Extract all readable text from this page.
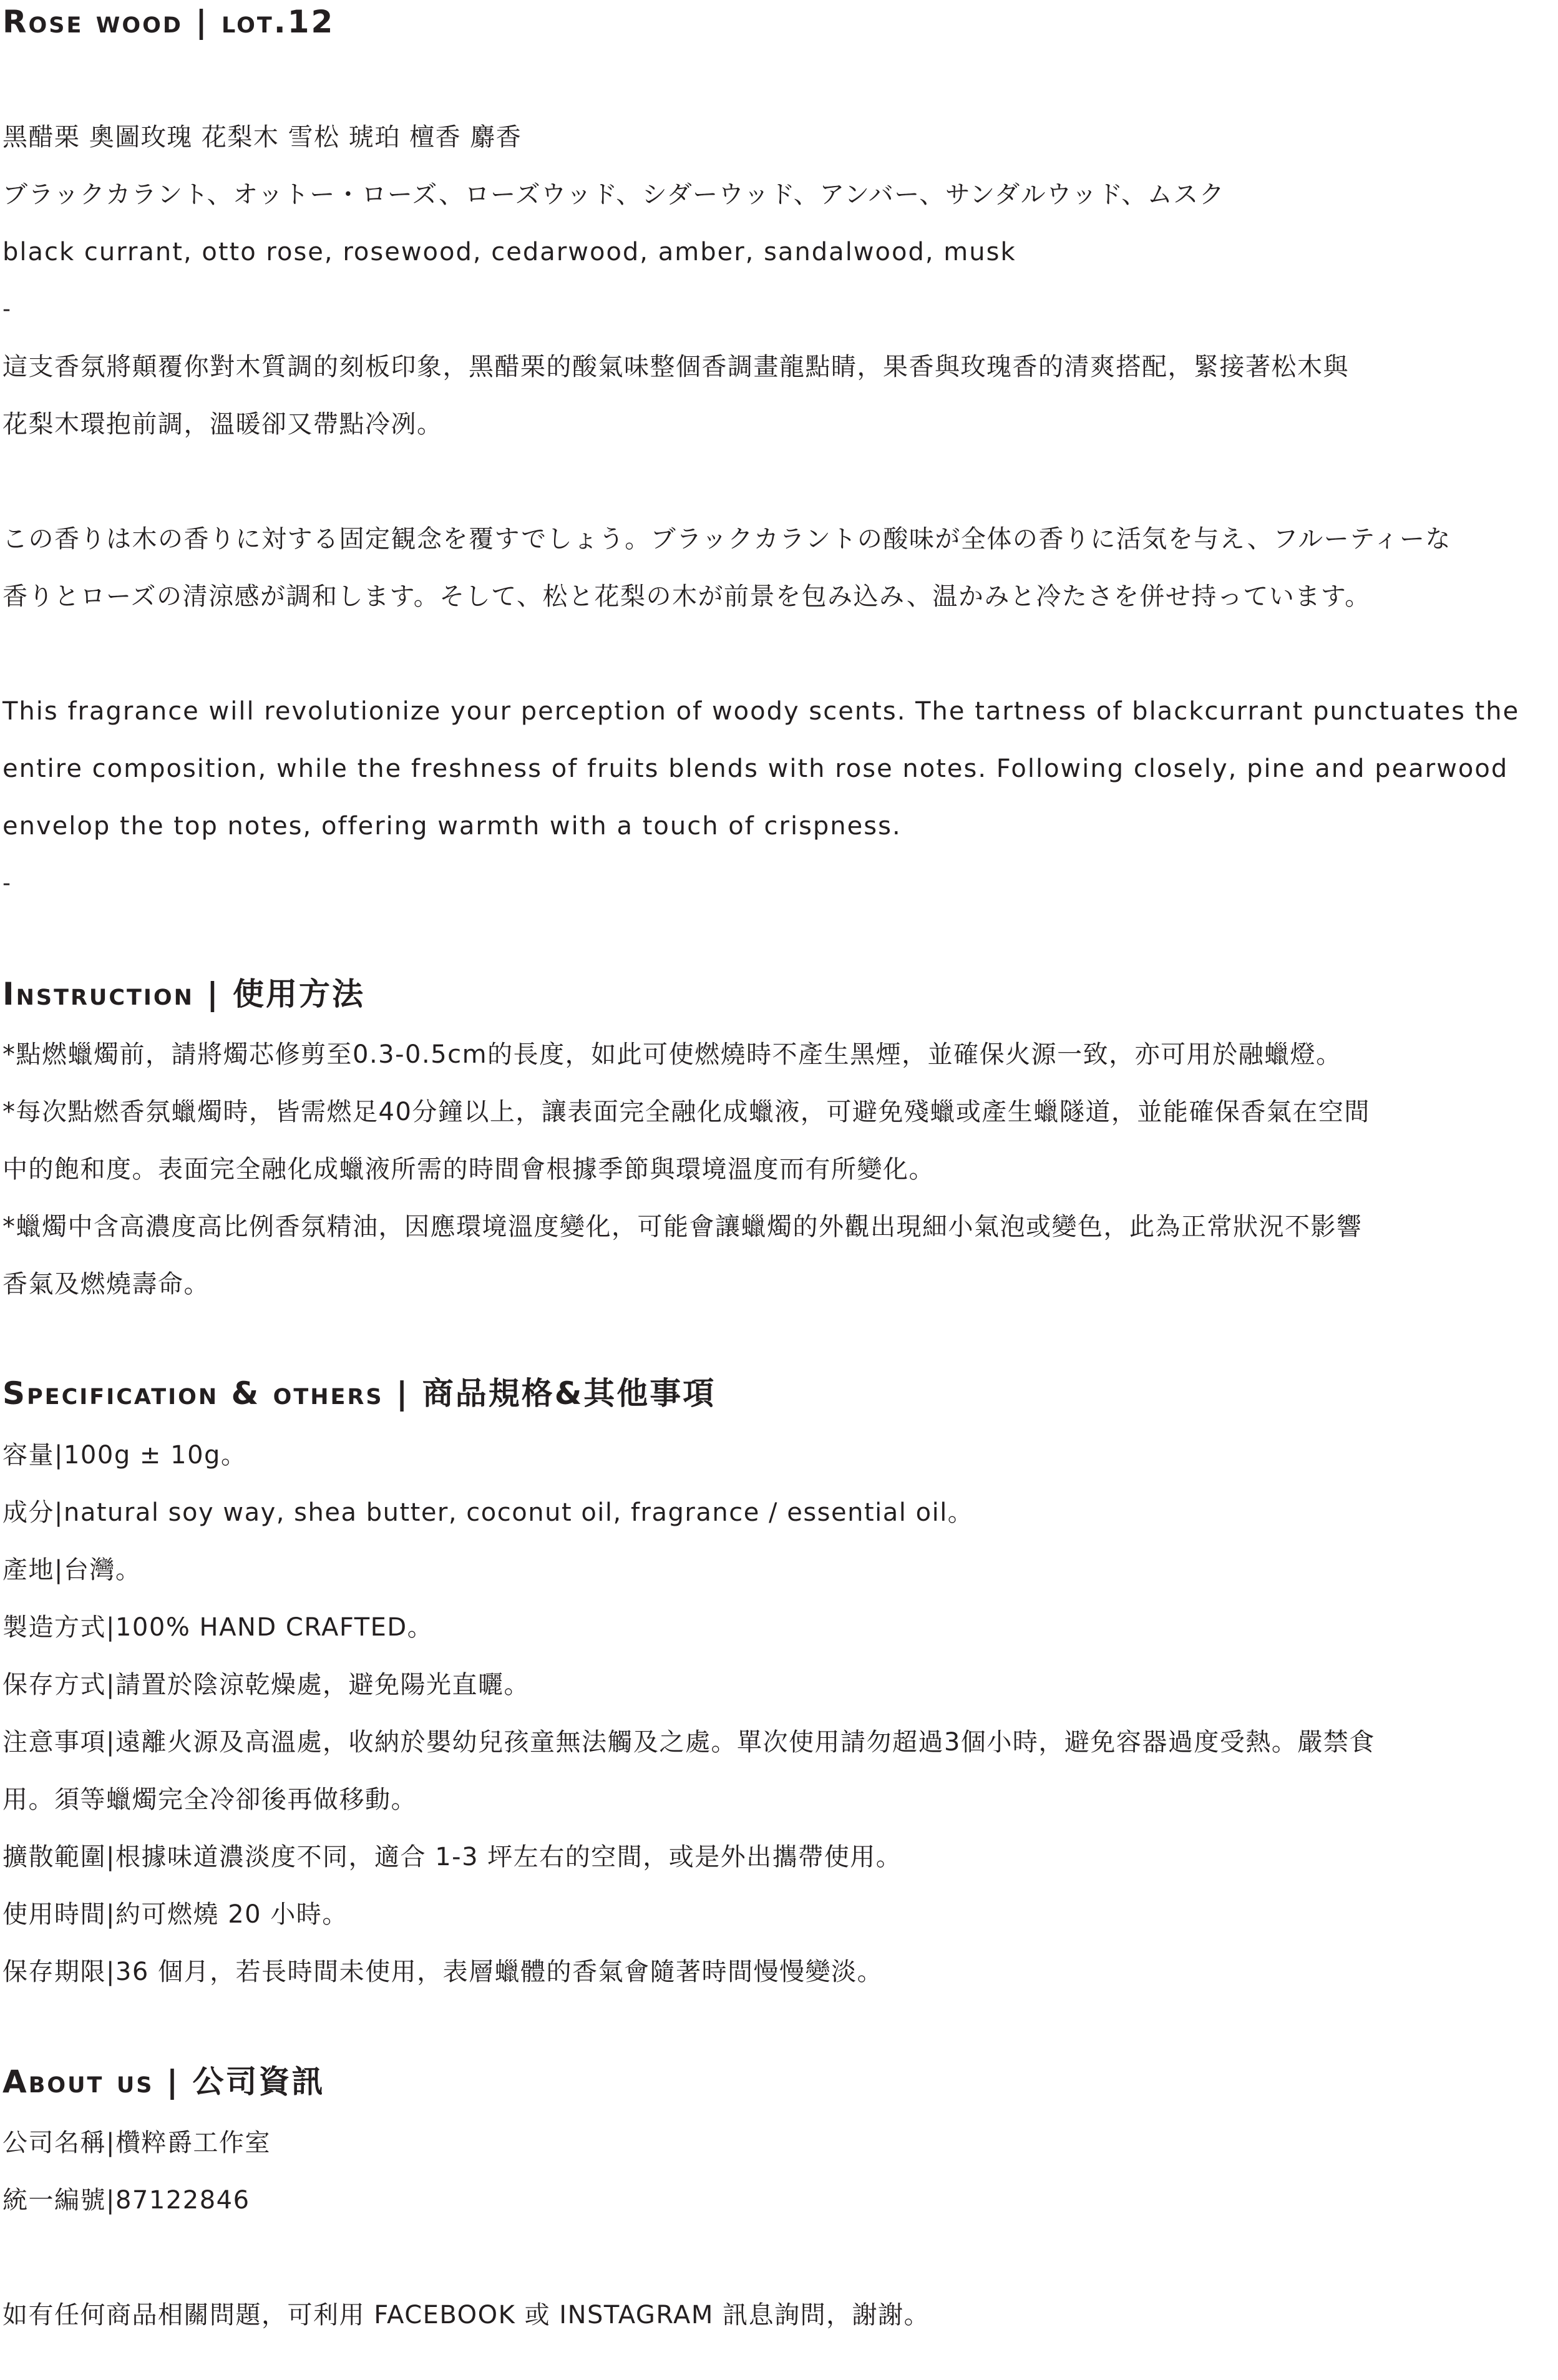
Rose wood | lot.12

黑醋栗 奧圖玫瑰 花梨木 雪松 琥珀 檀香 麝香

ブラックカラント、オットー・ローズ、ローズウッド、シダーウッド、アンバー、サンダルウッド、ムスク

black currant, otto rose, rosewood, cedarwood, amber, sandalwood, musk

-

這支香氛將顛覆你對木質調的刻板印象，黑醋栗的酸氣味整個香調畫龍點睛，果香與玫瑰香的清爽搭配，緊接著松木與

花梨木環抱前調，溫暖卻又帶點冷冽。

この香りは木の香りに対する固定観念を覆すでしょう。ブラックカラントの酸味が全体の香りに活気を与え、フルーティーな

香りとローズの清涼感が調和します。そして、松と花梨の木が前景を包み込み、温かみと冷たさを併せ持っています。

This fragrance will revolutionize your perception of woody scents. The tartness of blackcurrant punctuates the

entire composition, while the freshness of fruits blends with rose notes. Following closely, pine and pearwood

envelop the top notes, offering warmth with a touch of crispness.

-

Instruction | 使用方法

*點燃蠟燭前，請將燭芯修剪至0.3-0.5cm的長度，如此可使燃燒時不產生黑煙，並確保火源一致，亦可用於融蠟燈。

*每次點燃香氛蠟燭時，皆需燃足40分鐘以上，讓表面完全融化成蠟液，可避免殘蠟或產生蠟隧道，並能確保香氣在空間

中的飽和度。表面完全融化成蠟液所需的時間會根據季節與環境溫度而有所變化。

*蠟燭中含高濃度高比例香氛精油，因應環境溫度變化，可能會讓蠟燭的外觀出現細小氣泡或變色，此為正常狀況不影響

香氣及燃燒壽命。

Specification & others | 商品規格&其他事項

容量|100g ± 10g。

成分|natural soy way, shea butter, coconut oil, fragrance / essential oil。

產地|台灣。

製造方式|100% HAND CRAFTED。

保存方式|請置於陰涼乾燥處，避免陽光直曬。

注意事項|遠離火源及高溫處，收納於嬰幼兒孩童無法觸及之處。單次使用請勿超過3個小時，避免容器過度受熱。嚴禁食

用。須等蠟燭完全冷卻後再做移動。

擴散範圍|根據味道濃淡度不同，適合 1-3 坪左右的空間，或是外出攜帶使用。

使用時間|約可燃燒 20 小時。

保存期限|36 個月，若長時間未使用，表層蠟體的香氣會隨著時間慢慢變淡。

About us | 公司資訊

公司名稱|欑粹爵工作室

統一編號|87122846

如有任何商品相關問題，可利用 FACEBOOK 或 INSTAGRAM 訊息詢問，謝謝。
